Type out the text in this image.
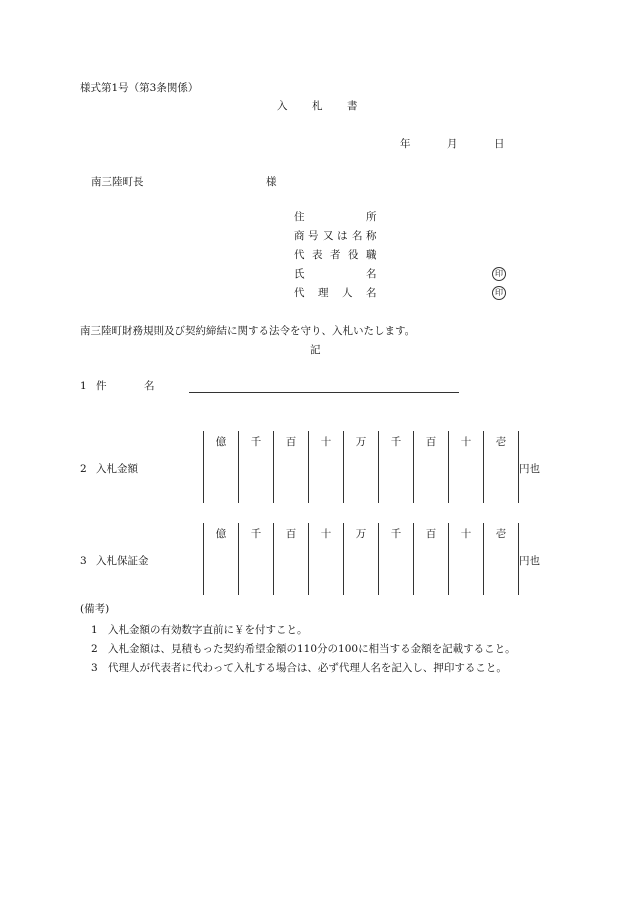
様式第1号（第3条関係）
入 札 書
年	月	日
南三陸町長	様
住	所
商 号 又 は 名 称
代 表 者 役 職
氏	名	印
代 理 人 名	印
南三陸町財務規則及び契約締結に関する法令を守り、入札いたします。
記
1 件	名
2 入札金額
億	千	百	十	万	千	百	十	壱
円也
3 入札保証金
億	千	百	十	万	千	百	十	壱
円也
(備考)
1 入札金額の有効数字直前に￥を付すこと。
2 入札金額は、見積もった契約希望金額の110分の100に相当する金額を記載すること。
3 代理人が代表者に代わって入札する場合は、必ず代理人名を記入し、押印すること。
